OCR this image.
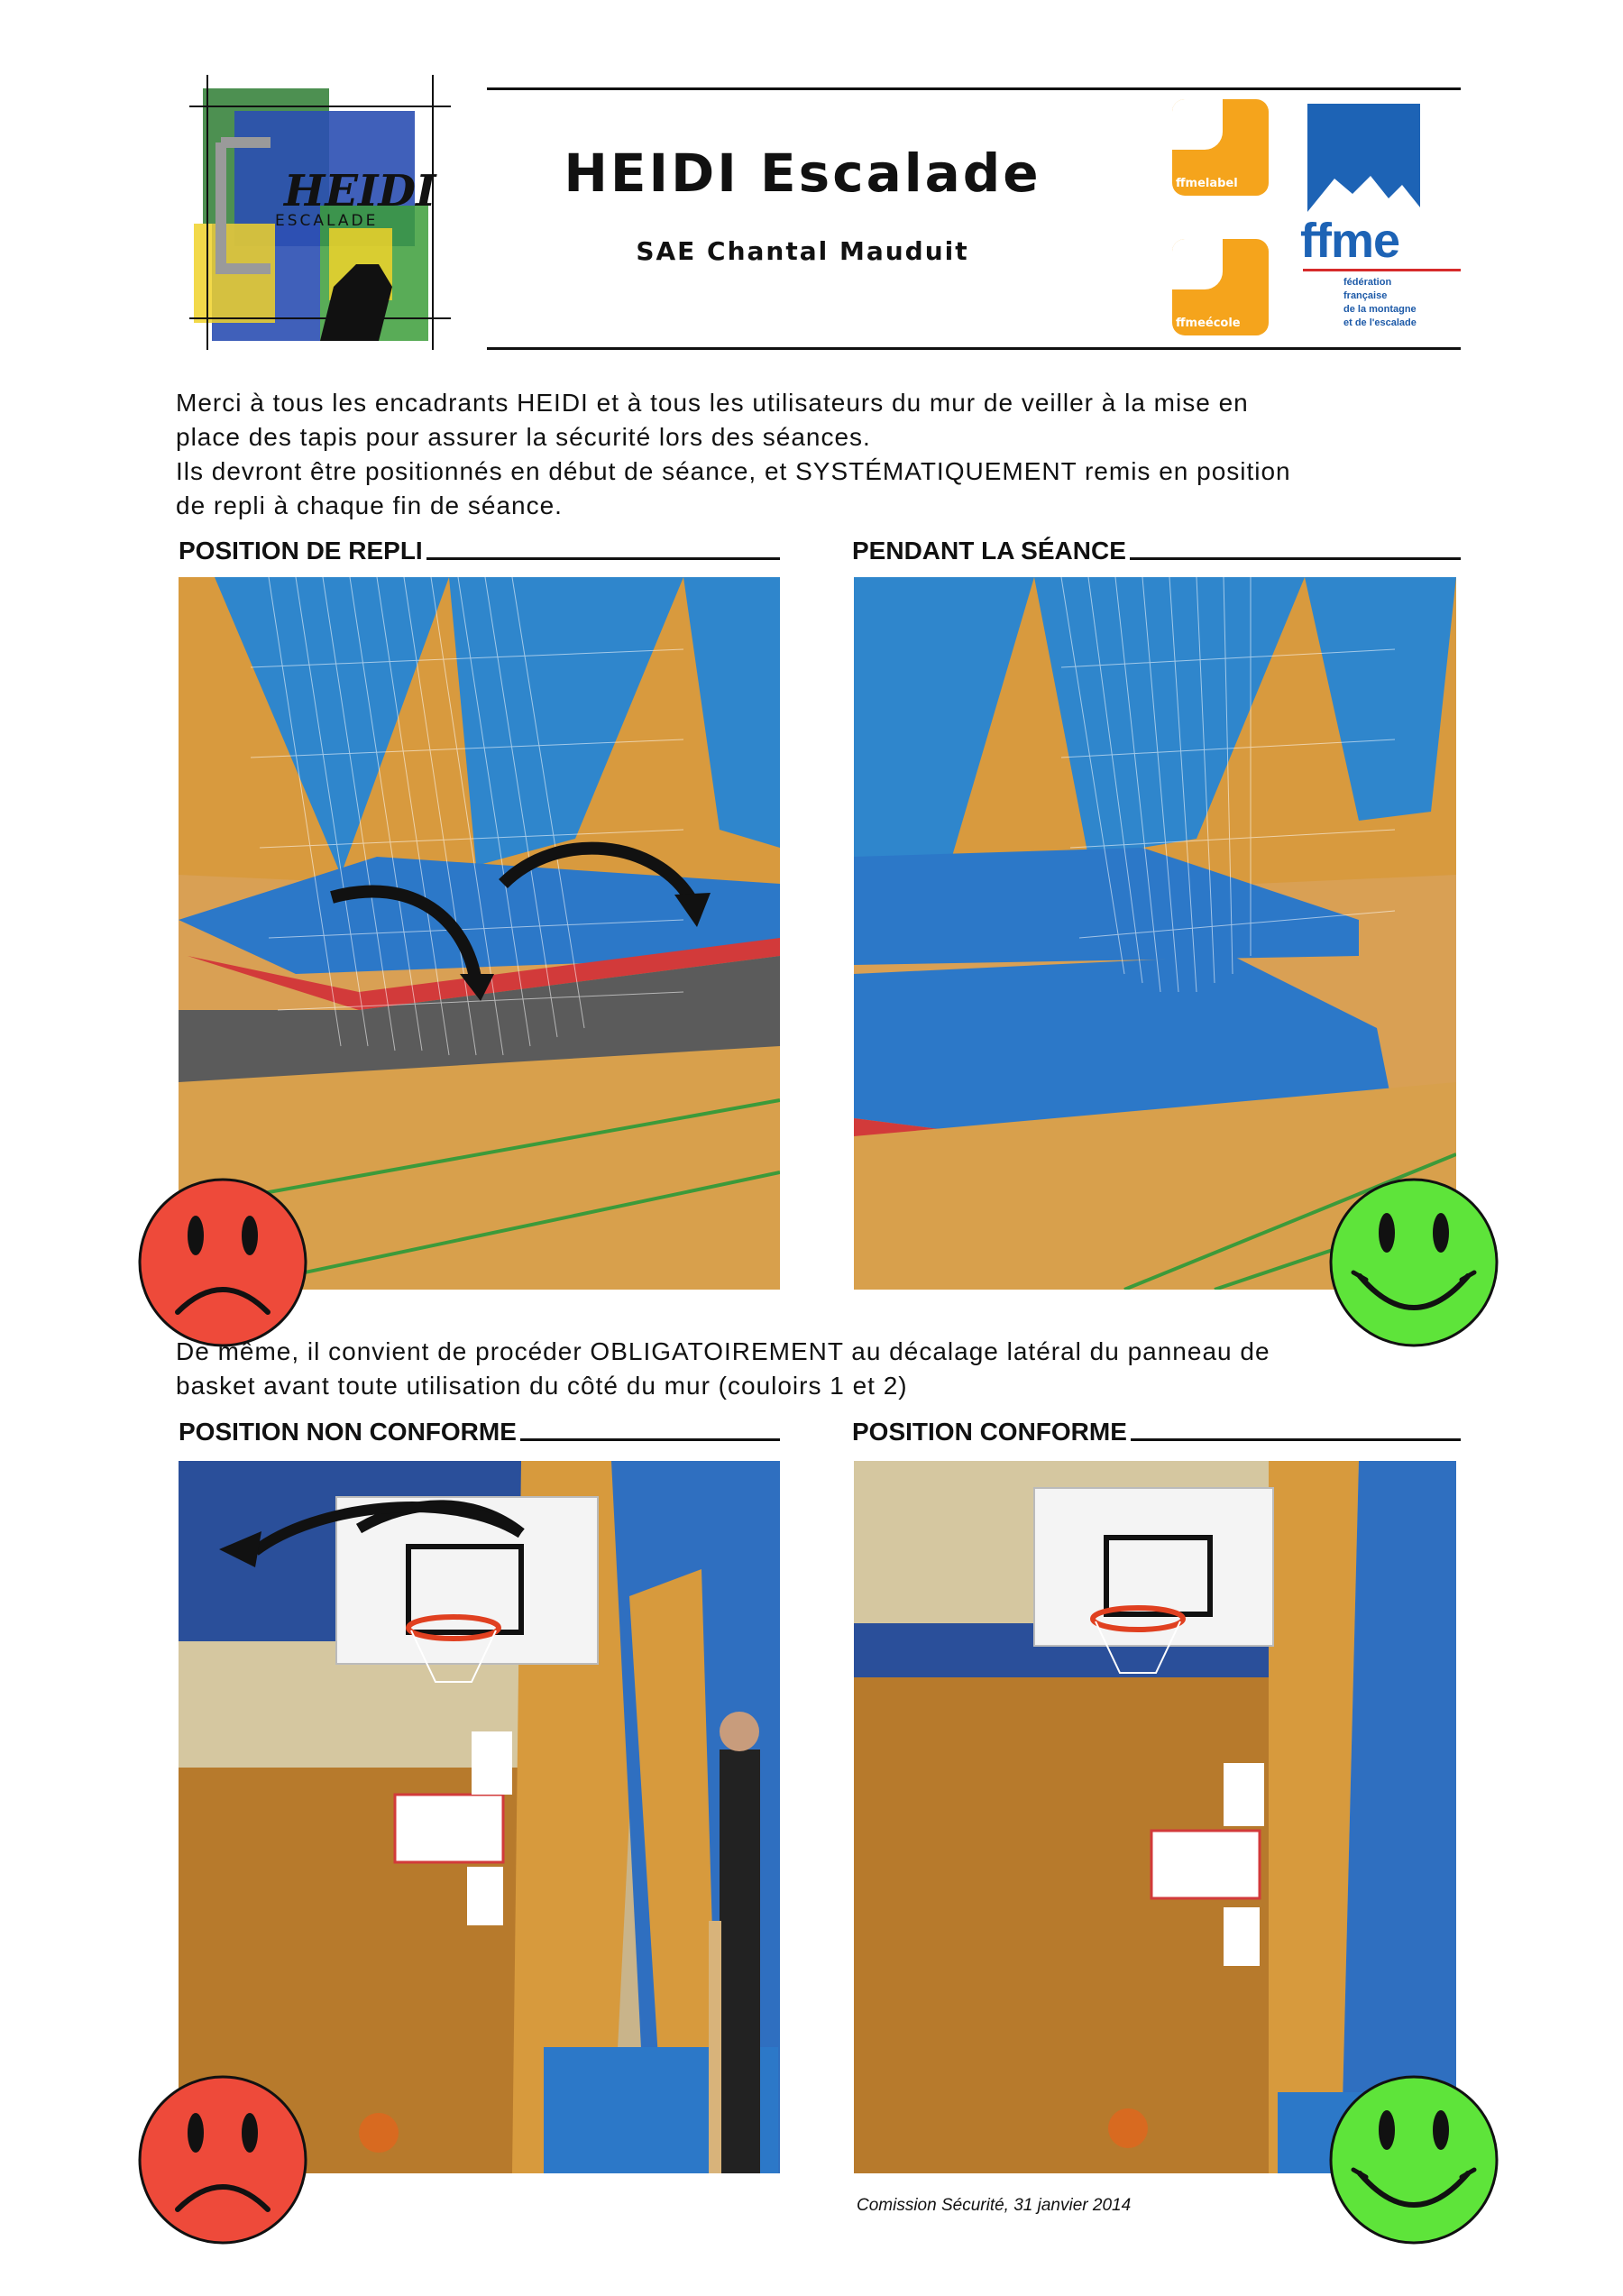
HEIDI
ESCALADE
HEIDI Escalade
SAE Chantal Mauduit
ffmelabel
ffmeécole
ffme
fédération
française
de la montagne
et de l'escalade
Merci à tous les encadrants HEIDI et à tous les utilisateurs du mur de veiller à la mise en
place des tapis pour assurer la sécurité lors des séances.
Ils devront être positionnés en début de séance, et SYSTÉMATIQUEMENT remis en position
de repli à chaque fin de séance.
POSITION DE REPLI	PENDANT LA SÉANCE
De même, il convient de procéder OBLIGATOIREMENT au décalage latéral du panneau de
basket avant toute utilisation du côté du mur (couloirs 1 et 2)
POSITION NON CONFORME	POSITION CONFORME
Comission Sécurité, 31 janvier 2014
